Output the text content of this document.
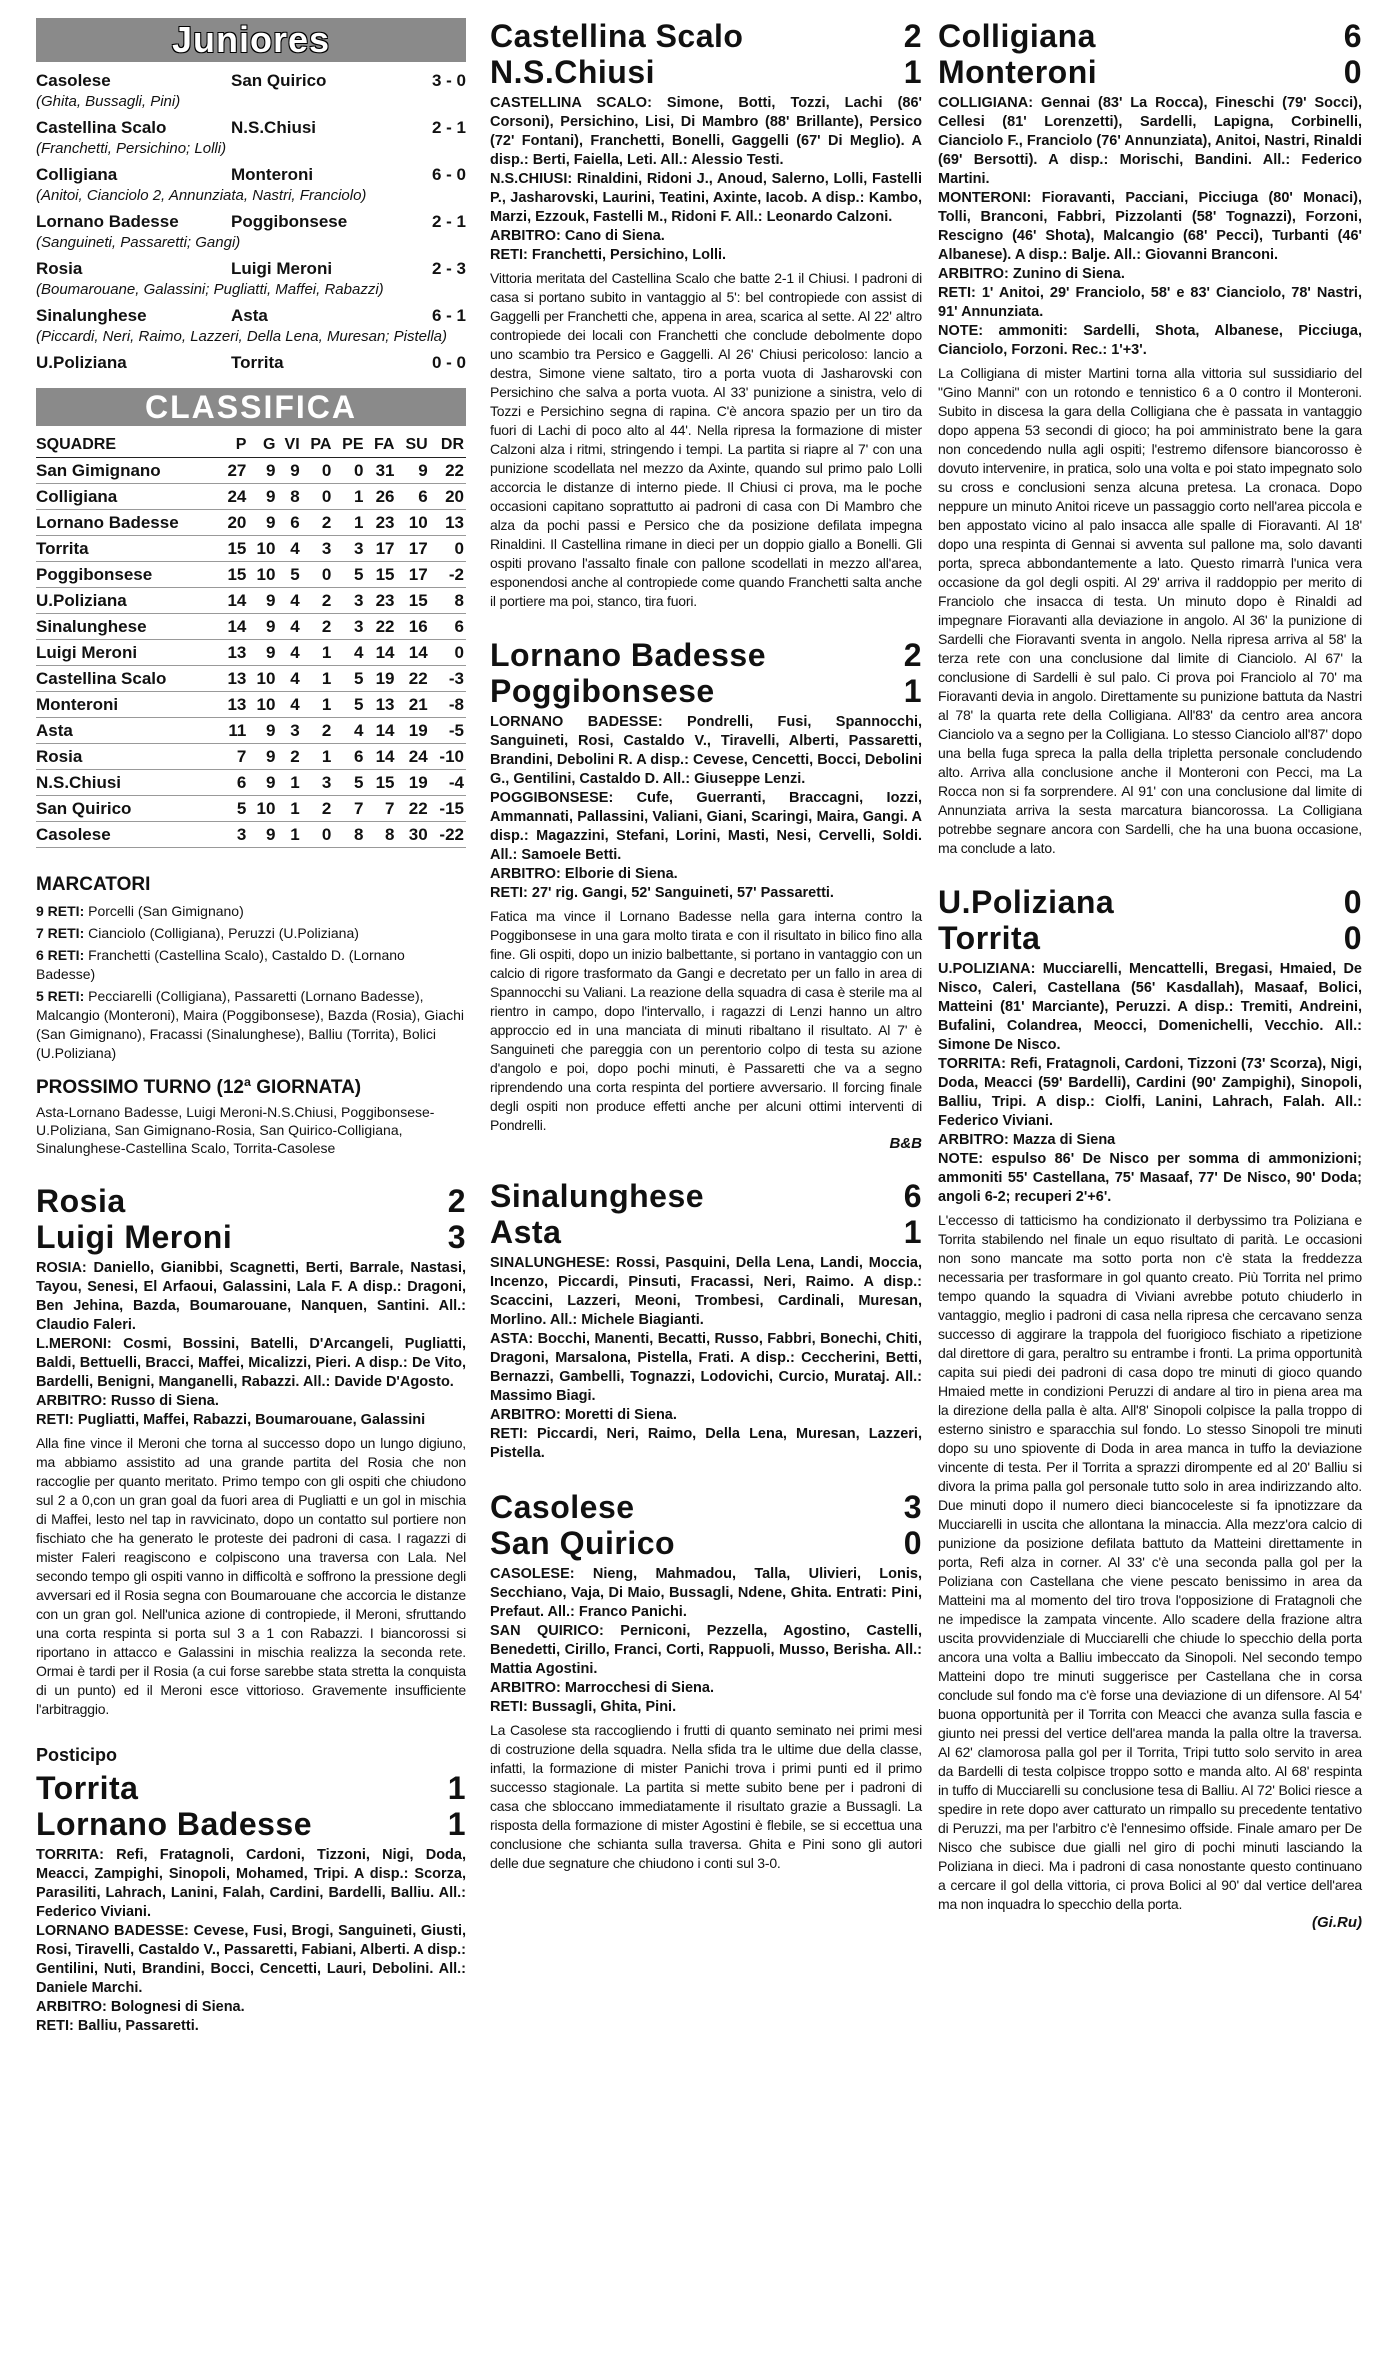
Juniores
Casolese	San Quirico	3 - 0
(Ghita, Bussagli, Pini)
Castellina Scalo	N.S.Chiusi	2 - 1
(Franchetti, Persichino; Lolli)
Colligiana	Monteroni	6 - 0
(Anitoi, Cianciolo 2, Annunziata, Nastri, Franciolo)
Lornano Badesse	Poggibonsese	2 - 1
(Sanguineti, Passaretti; Gangi)
Rosia	Luigi Meroni	2 - 3
(Boumarouane, Galassini; Pugliatti, Maffei, Rabazzi)
Sinalunghese	Asta	6 - 1
(Piccardi, Neri, Raimo, Lazzeri, Della Lena, Muresan; Pistella)
U.Poliziana	Torrita	0 - 0
CLASSIFICA
SQUADRE	P	G	VI	PA	PE	FA	SU	DR
San Gimignano	27	9	9	0	0	31	9	22
Colligiana	24	9	8	0	1	26	6	20
Lornano Badesse	20	9	6	2	1	23	10	13
Torrita	15	10	4	3	3	17	17	0
Poggibonsese	15	10	5	0	5	15	17	-2
U.Poliziana	14	9	4	2	3	23	15	8
Sinalunghese	14	9	4	2	3	22	16	6
Luigi Meroni	13	9	4	1	4	14	14	0
Castellina Scalo	13	10	4	1	5	19	22	-3
Monteroni	13	10	4	1	5	13	21	-8
Asta	11	9	3	2	4	14	19	-5
Rosia	7	9	2	1	6	14	24	-10
N.S.Chiusi	6	9	1	3	5	15	19	-4
San Quirico	5	10	1	2	7	7	22	-15
Casolese	3	9	1	0	8	8	30	-22
MARCATORI

9 RETI: Porcelli (San Gimignano)

7 RETI: Cianciolo (Colligiana), Peruzzi (U.Poliziana)

6 RETI: Franchetti (Castellina Scalo), Castaldo D. (Lornano Badesse)

5 RETI: Pecciarelli (Colligiana), Passaretti (Lornano Badesse), Malcangio (Monteroni), Maira (Poggibonsese), Bazda (Rosia), Giachi (San Gimignano), Fracassi (Sinalunghese), Balliu (Torrita), Bolici (U.Poliziana)

PROSSIMO TURNO (12ª GIORNATA)
Asta-Lornano Badesse, Luigi Meroni-N.S.Chiusi, Poggibonsese-U.Poliziana, San Gimignano-Rosia, San Quirico-Colligiana, Sinalunghese-Castellina Scalo, Torrita-Casolese
Rosia	2
Luigi Meroni	3

ROSIA: Daniello, Gianibbi, Scagnetti, Berti, Barrale, Nastasi, Tayou, Senesi, El Arfaoui, Galassini, Lala F. A disp.: Dragoni, Ben Jehina, Bazda, Boumarouane, Nanquen, Santini. All.: Claudio Faleri.

L.MERONI: Cosmi, Bossini, Batelli, D'Arcangeli, Pugliatti, Baldi, Bettuelli, Bracci, Maffei, Micalizzi, Pieri. A disp.: De Vito, Bardelli, Benigni, Manganelli, Rabazzi. All.: Davide D'Agosto.

ARBITRO: Russo di Siena.

RETI: Pugliatti, Maffei, Rabazzi, Boumarouane, Galassini

Alla fine vince il Meroni che torna al successo dopo un lungo digiuno, ma abbiamo assistito ad una grande partita del Rosia che non raccoglie per quanto meritato. Primo tempo con gli ospiti che chiudono sul 2 a 0,con un gran goal da fuori area di Pugliatti e un gol in mischia di Maffei, lesto nel tap in ravvicinato, dopo un contatto sul portiere non fischiato che ha generato le proteste dei padroni di casa. I ragazzi di mister Faleri reagiscono e colpiscono una traversa con Lala. Nel secondo tempo gli ospiti vanno in difficoltà e soffrono la pressione degli avversari ed il Rosia segna con Boumarouane che accorcia le distanze con un gran gol. Nell'unica azione di contropiede, il Meroni, sfruttando una corta respinta si porta sul 3 a 1 con Rabazzi. I biancorossi si riportano in attacco e Galassini in mischia realizza la seconda rete. Ormai è tardi per il Rosia (a cui forse sarebbe stata stretta la conquista di un punto) ed il Meroni esce vittorioso. Gravemente insufficiente l'arbitraggio.
Posticipo
Torrita	1
Lornano Badesse	1

TORRITA: Refi, Fratagnoli, Cardoni, Tizzoni, Nigi, Doda, Meacci, Zampighi, Sinopoli, Mohamed, Tripi. A disp.: Scorza, Parasiliti, Lahrach, Lanini, Falah, Cardini, Bardelli, Balliu. All.: Federico Viviani.

LORNANO BADESSE: Cevese, Fusi, Brogi, Sanguineti, Giusti, Rosi, Tiravelli, Castaldo V., Passaretti, Fabiani, Alberti. A disp.: Gentilini, Nuti, Brandini, Bocci, Cencetti, Lauri, Debolini. All.: Daniele Marchi.

ARBITRO: Bolognesi di Siena.

RETI: Balliu, Passaretti.

Castellina Scalo	2
N.S.Chiusi	1

CASTELLINA SCALO: Simone, Botti, Tozzi, Lachi (86' Corsoni), Persichino, Lisi, Di Mambro (88' Brillante), Persico (72' Fontani), Franchetti, Bonelli, Gaggelli (67' Di Meglio). A disp.: Berti, Faiella, Leti. All.: Alessio Testi.

N.S.CHIUSI: Rinaldini, Ridoni J., Anoud, Salerno, Lolli, Fastelli P., Jasharovski, Laurini, Teatini, Axinte, Iacob. A disp.: Kambo, Marzi, Ezzouk, Fastelli M., Ridoni F. All.: Leonardo Calzoni.

ARBITRO: Cano di Siena.

RETI: Franchetti, Persichino, Lolli.

Vittoria meritata del Castellina Scalo che batte 2-1 il Chiusi. I padroni di casa si portano subito in vantaggio al 5': bel contropiede con assist di Gaggelli per Franchetti che, appena in area, scarica al sette. Al 22' altro contropiede dei locali con Franchetti che conclude debolmente dopo uno scambio tra Persico e Gaggelli. Al 26' Chiusi pericoloso: lancio a destra, Simone viene saltato, tiro a porta vuota di Jasharovski con Persichino che salva a porta vuota. Al 33' punizione a sinistra, velo di Tozzi e Persichino segna di rapina. C'è ancora spazio per un tiro da fuori di Lachi di poco alto al 44'. Nella ripresa la formazione di mister Calzoni alza i ritmi, stringendo i tempi. La partita si riapre al 7' con una punizione scodellata nel mezzo da Axinte, quando sul primo palo Lolli accorcia le distanze di interno piede. Il Chiusi ci prova, ma le poche occasioni capitano soprattutto ai padroni di casa con Di Mambro che alza da pochi passi e Persico che da posizione defilata impegna Rinaldini. Il Castellina rimane in dieci per un doppio giallo a Bonelli. Gli ospiti provano l'assalto finale con pallone scodellati in mezzo all'area, esponendosi anche al contropiede come quando Franchetti salta anche il portiere ma poi, stanco, tira fuori.
Lornano Badesse	2
Poggibonsese	1

LORNANO BADESSE: Pondrelli, Fusi, Spannocchi, Sanguineti, Rosi, Castaldo V., Tiravelli, Alberti, Passaretti, Brandini, Debolini R. A disp.: Cevese, Cencetti, Bocci, Debolini G., Gentilini, Castaldo D. All.: Giuseppe Lenzi.

POGGIBONSESE: Cufe, Guerranti, Braccagni, Iozzi, Ammannati, Pallassini, Valiani, Giani, Scaringi, Maira, Gangi. A disp.: Magazzini, Stefani, Lorini, Masti, Nesi, Cervelli, Soldi. All.: Samoele Betti.

ARBITRO: Elborie di Siena.

RETI: 27' rig. Gangi, 52' Sanguineti, 57' Passaretti.

Fatica ma vince il Lornano Badesse nella gara interna contro la Poggibonsese in una gara molto tirata e con il risultato in bilico fino alla fine. Gli ospiti, dopo un inizio balbettante, si portano in vantaggio con un calcio di rigore trasformato da Gangi e decretato per un fallo in area di Spannocchi su Valiani. La reazione della squadra di casa è sterile ma al rientro in campo, dopo l'intervallo, i ragazzi di Lenzi hanno un altro approccio ed in una manciata di minuti ribaltano il risultato. Al 7' è Sanguineti che pareggia con un perentorio colpo di testa su azione d'angolo e poi, dopo pochi minuti, è Passaretti che va a segno riprendendo una corta respinta del portiere avversario. Il forcing finale degli ospiti non produce effetti anche per alcuni ottimi interventi di Pondrelli.
B&B
Sinalunghese	6
Asta	1

SINALUNGHESE: Rossi, Pasquini, Della Lena, Landi, Moccia, Incenzo, Piccardi, Pinsuti, Fracassi, Neri, Raimo. A disp.: Scaccini, Lazzeri, Meoni, Trombesi, Cardinali, Muresan, Morlino. All.: Michele Biagianti.

ASTA: Bocchi, Manenti, Becatti, Russo, Fabbri, Bonechi, Chiti, Dragoni, Marsalona, Pistella, Frati. A disp.: Ceccherini, Betti, Bernazzi, Gambelli, Tognazzi, Lodovichi, Curcio, Murataj. All.: Massimo Biagi.

ARBITRO: Moretti di Siena.

RETI: Piccardi, Neri, Raimo, Della Lena, Muresan, Lazzeri, Pistella.

Casolese	3
San Quirico	0

CASOLESE: Nieng, Mahmadou, Talla, Ulivieri, Lonis, Secchiano, Vaja, Di Maio, Bussagli, Ndene, Ghita. Entrati: Pini, Prefaut. All.: Franco Panichi.

SAN QUIRICO: Perniconi, Pezzella, Agostino, Castelli, Benedetti, Cirillo, Franci, Corti, Rappuoli, Musso, Berisha. All.: Mattia Agostini.

ARBITRO: Marrocchesi di Siena.

RETI: Bussagli, Ghita, Pini.

La Casolese sta raccogliendo i frutti di quanto seminato nei primi mesi di costruzione della squadra. Nella sfida tra le ultime due della classe, infatti, la formazione di mister Panichi trova i primi punti ed il primo successo stagionale. La partita si mette subito bene per i padroni di casa che sbloccano immediatamente il risultato grazie a Bussagli. La risposta della formazione di mister Agostini è flebile, se si eccettua una conclusione che schianta sulla traversa. Ghita e Pini sono gli autori delle due segnature che chiudono i conti sul 3-0.
Colligiana	6
Monteroni	0

COLLIGIANA: Gennai (83' La Rocca), Fineschi (79' Socci), Cellesi (81' Lorenzetti), Sardelli, Lapigna, Corbinelli, Cianciolo F., Franciolo (76' Annunziata), Anitoi, Nastri, Rinaldi (69' Bersotti). A disp.: Morischi, Bandini. All.: Federico Martini.

MONTERONI: Fioravanti, Pacciani, Picciuga (80' Monaci), Tolli, Branconi, Fabbri, Pizzolanti (58' Tognazzi), Forzoni, Rescigno (46' Shota), Malcangio (68' Pecci), Turbanti (46' Albanese). A disp.: Balje. All.: Giovanni Branconi.

ARBITRO: Zunino di Siena.

RETI: 1' Anitoi, 29' Franciolo, 58' e 83' Cianciolo, 78' Nastri, 91' Annunziata.

NOTE: ammoniti: Sardelli, Shota, Albanese, Picciuga, Cianciolo, Forzoni. Rec.: 1'+3'.

La Colligiana di mister Martini torna alla vittoria sul sussidiario del "Gino Manni" con un rotondo e tennistico 6 a 0 contro il Monteroni. Subito in discesa la gara della Colligiana che è passata in vantaggio dopo appena 53 secondi di gioco; ha poi amministrato bene la gara non concedendo nulla agli ospiti; l'estremo difensore biancorosso è dovuto intervenire, in pratica, solo una volta e poi stato impegnato solo su cross e conclusioni senza alcuna pretesa. La cronaca. Dopo neppure un minuto Anitoi riceve un passaggio corto nell'area piccola e ben appostato vicino al palo insacca alle spalle di Fioravanti. Al 18' dopo una respinta di Gennai si avventa sul pallone ma, solo davanti porta, spreca abbondantemente a lato. Questo rimarrà l'unica vera occasione da gol degli ospiti. Al 29' arriva il raddoppio per merito di Franciolo che insacca di testa. Un minuto dopo è Rinaldi ad impegnare Fioravanti alla deviazione in angolo. Al 36' la punizione di Sardelli che Fioravanti sventa in angolo. Nella ripresa arriva al 58' la terza rete con una conclusione dal limite di Cianciolo. Al 67' la conclusione di Sardelli è sul palo. Ci prova poi Franciolo al 70' ma Fioravanti devia in angolo. Direttamente su punizione battuta da Nastri al 78' la quarta rete della Colligiana. All'83' da centro area ancora Cianciolo va a segno per la Colligiana. Lo stesso Cianciolo all'87' dopo una bella fuga spreca la palla della tripletta personale concludendo alto. Arriva alla conclusione anche il Monteroni con Pecci, ma La Rocca non si fa sorprendere. Al 91' con una conclusione dal limite di Annunziata arriva la sesta marcatura biancorossa. La Colligiana potrebbe segnare ancora con Sardelli, che ha una buona occasione, ma conclude a lato.
U.Poliziana	0
Torrita	0

U.POLIZIANA: Mucciarelli, Mencattelli, Bregasi, Hmaied, De Nisco, Caleri, Castellana (56' Kasdallah), Masaaf, Bolici, Matteini (81' Marciante), Peruzzi. A disp.: Tremiti, Andreini, Bufalini, Colandrea, Meocci, Domenichelli, Vecchio. All.: Simone De Nisco.

TORRITA: Refi, Fratagnoli, Cardoni, Tizzoni (73' Scorza), Nigi, Doda, Meacci (59' Bardelli), Cardini (90' Zampighi), Sinopoli, Balliu, Tripi. A disp.: Ciolfi, Lanini, Lahrach, Falah. All.: Federico Viviani.

ARBITRO: Mazza di Siena

NOTE: espulso 86' De Nisco per somma di ammonizioni; ammoniti 55' Castellana, 75' Masaaf, 77' De Nisco, 90' Doda; angoli 6-2; recuperi 2'+6'.

L'eccesso di tatticismo ha condizionato il derbyssimo tra Poliziana e Torrita stabilendo nel finale un equo risultato di parità. Le occasioni non sono mancate ma sotto porta non c'è stata la freddezza necessaria per trasformare in gol quanto creato. Più Torrita nel primo tempo quando la squadra di Viviani avrebbe potuto chiuderlo in vantaggio, meglio i padroni di casa nella ripresa che cercavano senza successo di aggirare la trappola del fuorigioco fischiato a ripetizione dal direttore di gara, peraltro su entrambe i fronti. La prima opportunità capita sui piedi dei padroni di casa dopo tre minuti di gioco quando Hmaied mette in condizioni Peruzzi di andare al tiro in piena area ma la direzione della palla è alta. All'8' Sinopoli colpisce la palla troppo di esterno sinistro e sparacchia sul fondo. Lo stesso Sinopoli tre minuti dopo su uno spiovente di Doda in area manca in tuffo la deviazione vincente di testa. Per il Torrita a sprazzi dirompente ed al 20' Balliu si divora la prima palla gol personale tutto solo in area indirizzando alto. Due minuti dopo il numero dieci biancoceleste si fa ipnotizzare da Mucciarelli in uscita che allontana la minaccia. Alla mezz'ora calcio di punizione da posizione defilata battuto da Matteini direttamente in porta, Refi alza in corner. Al 33' c'è una seconda palla gol per la Poliziana con Castellana che viene pescato benissimo in area da Matteini ma al momento del tiro trova l'opposizione di Fratagnoli che ne impedisce la zampata vincente. Allo scadere della frazione altra uscita provvidenziale di Mucciarelli che chiude lo specchio della porta ancora una volta a Balliu imbeccato da Sinopoli. Nel secondo tempo Matteini dopo tre minuti suggerisce per Castellana che in corsa conclude sul fondo ma c'è forse una deviazione di un difensore. Al 54' buona opportunità per il Torrita con Meacci che avanza sulla fascia e giunto nei pressi del vertice dell'area manda la palla oltre la traversa. Al 62' clamorosa palla gol per il Torrita, Tripi tutto solo servito in area da Bardelli di testa colpisce troppo sotto e manda alto. Al 68' respinta in tuffo di Mucciarelli su conclusione tesa di Balliu. Al 72' Bolici riesce a spedire in rete dopo aver catturato un rimpallo su precedente tentativo di Peruzzi, ma per l'arbitro c'è l'ennesimo offside. Finale amaro per De Nisco che subisce due gialli nel giro di pochi minuti lasciando la Poliziana in dieci. Ma i padroni di casa nonostante questo continuano a cercare il gol della vittoria, ci prova Bolici al 90' dal vertice dell'area ma non inquadra lo specchio della porta.
(Gi.Ru)
